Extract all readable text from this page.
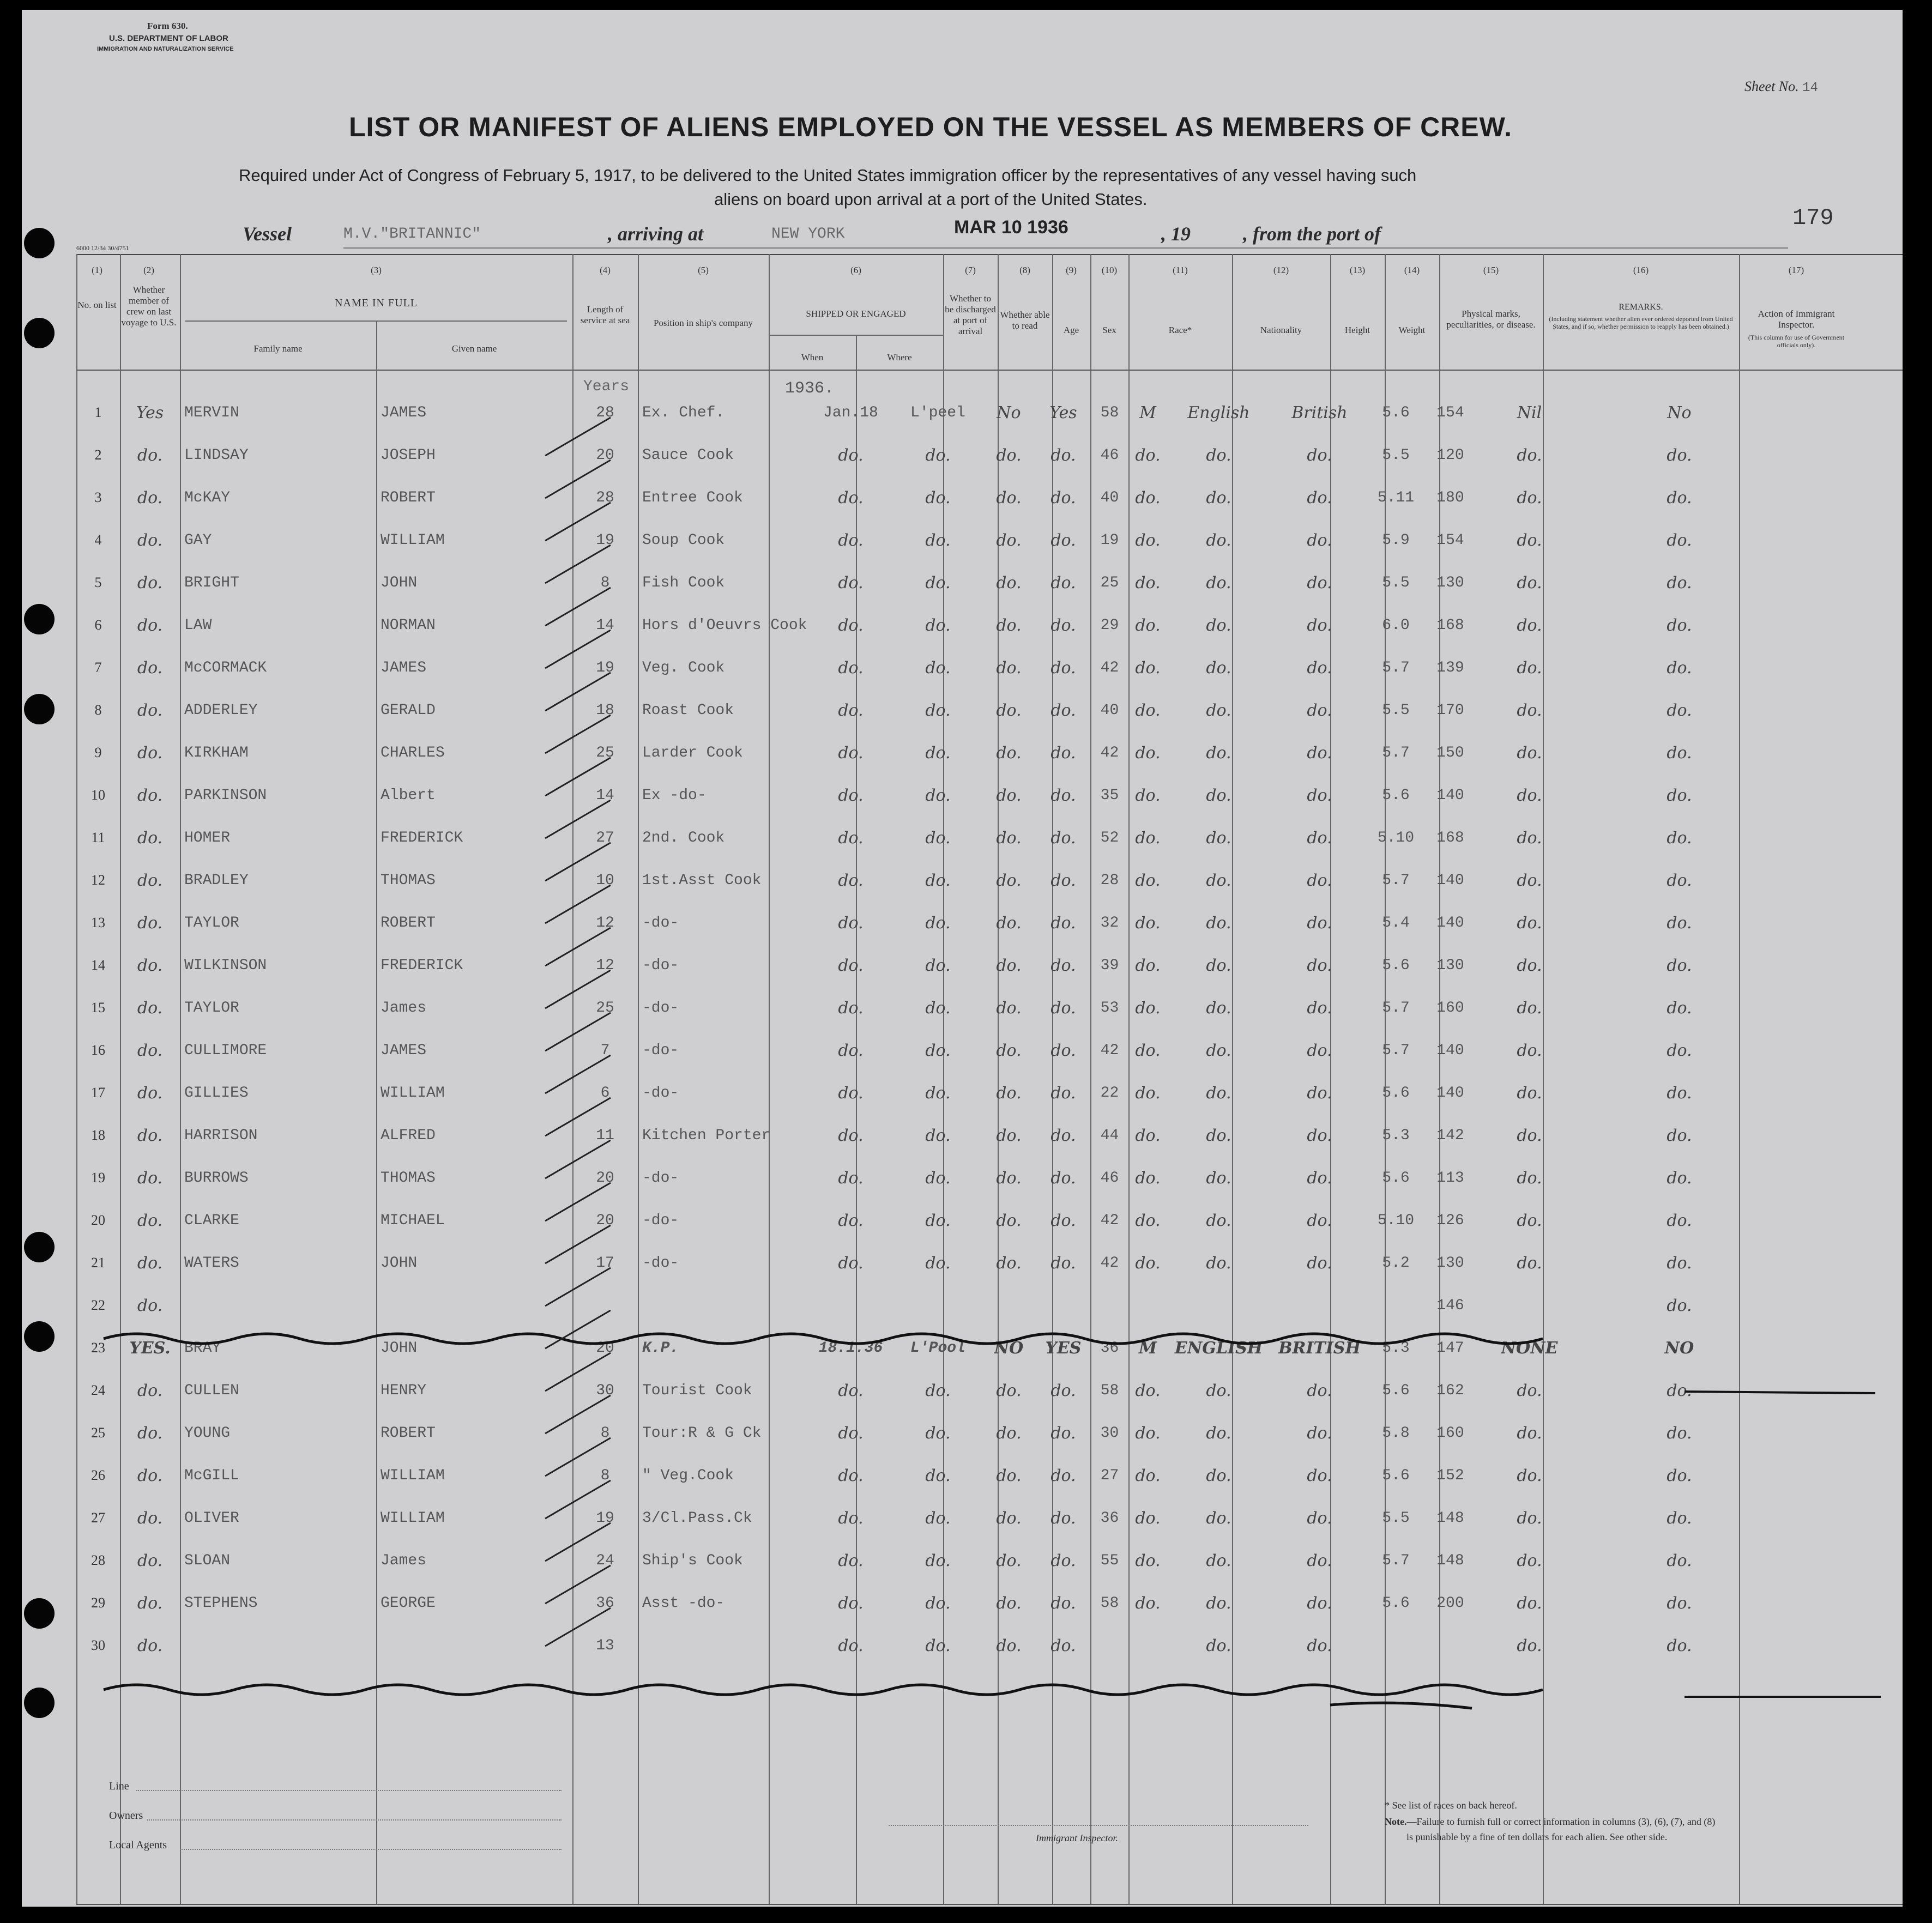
Form 630.
U.S. DEPARTMENT OF LABOR
IMMIGRATION AND NATURALIZATION SERVICE
Sheet No. 14
LIST OR MANIFEST OF ALIENS EMPLOYED ON THE VESSEL AS MEMBERS OF CREW.
Required under Act of Congress of February 5, 1917, to be delivered to the United States immigration officer by the representatives of any vessel having such
aliens on board upon arrival at a port of the United States.
179
Vessel	M.V."BRITANNIC"	, arriving at	NEW YORK	MAR 10 1936	, 19	, from the port of
6000 12/34 30/4751
(1)
No. on list
(2)
Whether member of crew on last voyage to U.S.
(3)
NAME IN FULL
Family name	Given name
(4)
Length of service at sea
(5)
Position in ship's company
(6)
SHIPPED OR ENGAGED
When	Where
(7)
Whether to be discharged at port of arrival
(8)
Whether able to read
(9)
Age
(10)
Sex
(11)
Race*
(12)
Nationality
(13)
Height
(14)
Weight
(15)
Physical marks, peculiarities, or disease.
(16)
REMARKS.
(Including statement whether alien ever ordered deported from United States, and if so, whether permission to reapply has been obtained.)
(17)
Action of Immigrant Inspector.
(This column for use of Government officials only).
Years	1936.

1	Yes	MERVIN	JAMES	28	Ex. Chef.	Jan.18	L'peel	No	Yes	58	M	English	British	5.6	154	Nil	No	
2	do.	LINDSAY	JOSEPH	20	Sauce Cook	do.	do.	do.	do.	46	do.	do.	do.	5.5	120	do.	do.	
3	do.	McKAY	ROBERT	28	Entree Cook	do.	do.	do.	do.	40	do.	do.	do.	5.11	180	do.	do.	
4	do.	GAY	WILLIAM	19	Soup Cook	do.	do.	do.	do.	19	do.	do.	do.	5.9	154	do.	do.	
5	do.	BRIGHT	JOHN	8	Fish Cook	do.	do.	do.	do.	25	do.	do.	do.	5.5	130	do.	do.	
6	do.	LAW	NORMAN	14	Hors d'Oeuvrs Cook	do.	do.	do.	do.	29	do.	do.	do.	6.0	168	do.	do.	
7	do.	McCORMACK	JAMES	19	Veg. Cook	do.	do.	do.	do.	42	do.	do.	do.	5.7	139	do.	do.	
8	do.	ADDERLEY	GERALD	18	Roast Cook	do.	do.	do.	do.	40	do.	do.	do.	5.5	170	do.	do.	
9	do.	KIRKHAM	CHARLES	25	Larder Cook	do.	do.	do.	do.	42	do.	do.	do.	5.7	150	do.	do.	
10	do.	PARKINSON	Albert	14	Ex -do-	do.	do.	do.	do.	35	do.	do.	do.	5.6	140	do.	do.	
11	do.	HOMER	FREDERICK	27	2nd. Cook	do.	do.	do.	do.	52	do.	do.	do.	5.10	168	do.	do.	
12	do.	BRADLEY	THOMAS	10	1st.Asst Cook	do.	do.	do.	do.	28	do.	do.	do.	5.7	140	do.	do.	
13	do.	TAYLOR	ROBERT	12	-do-	do.	do.	do.	do.	32	do.	do.	do.	5.4	140	do.	do.	
14	do.	WILKINSON	FREDERICK	12	-do-	do.	do.	do.	do.	39	do.	do.	do.	5.6	130	do.	do.	
15	do.	TAYLOR	James	25	-do-	do.	do.	do.	do.	53	do.	do.	do.	5.7	160	do.	do.	
16	do.	CULLIMORE	JAMES	7	-do-	do.	do.	do.	do.	42	do.	do.	do.	5.7	140	do.	do.	
17	do.	GILLIES	WILLIAM	6	-do-	do.	do.	do.	do.	22	do.	do.	do.	5.6	140	do.	do.	
18	do.	HARRISON	ALFRED	11	Kitchen Porter	do.	do.	do.	do.	44	do.	do.	do.	5.3	142	do.	do.	
19	do.	BURROWS	THOMAS	20	-do-	do.	do.	do.	do.	46	do.	do.	do.	5.6	113	do.	do.	
20	do.	CLARKE	MICHAEL	20	-do-	do.	do.	do.	do.	42	do.	do.	do.	5.10	126	do.	do.	
21	do.	WATERS	JOHN	17	-do-	do.	do.	do.	do.	42	do.	do.	do.	5.2	130	do.	do.	
22	do.														146		do.	
23	YES.	BRAY	JOHN	20	K.P.	18.1.36	L'Pool	NO	YES	36	M	ENGLISH	BRITISH	5.3	147	NONE	NO	
24	do.	CULLEN	HENRY	30	Tourist Cook	do.	do.	do.	do.	58	do.	do.	do.	5.6	162	do.	do.	
25	do.	YOUNG	ROBERT	8	Tour:R & G Ck	do.	do.	do.	do.	30	do.	do.	do.	5.8	160	do.	do.	
26	do.	McGILL	WILLIAM	8	" Veg.Cook	do.	do.	do.	do.	27	do.	do.	do.	5.6	152	do.	do.	
27	do.	OLIVER	WILLIAM	19	3/Cl.Pass.Ck	do.	do.	do.	do.	36	do.	do.	do.	5.5	148	do.	do.	
28	do.	SLOAN	James	24	Ship's Cook	do.	do.	do.	do.	55	do.	do.	do.	5.7	148	do.	do.	
29	do.	STEPHENS	GEORGE	36	Asst -do-	do.	do.	do.	do.	58	do.	do.	do.	5.6	200	do.	do.	
30	do.			13		do.	do.	do.	do.			do.	do.			do.	do.	
Line
Owners
Local Agents
Immigrant Inspector.
* See list of races on back hereof.
Note.—Failure to furnish full or correct information in columns (3), (6), (7), and (8)
is punishable by a fine of ten dollars for each alien. See other side.
